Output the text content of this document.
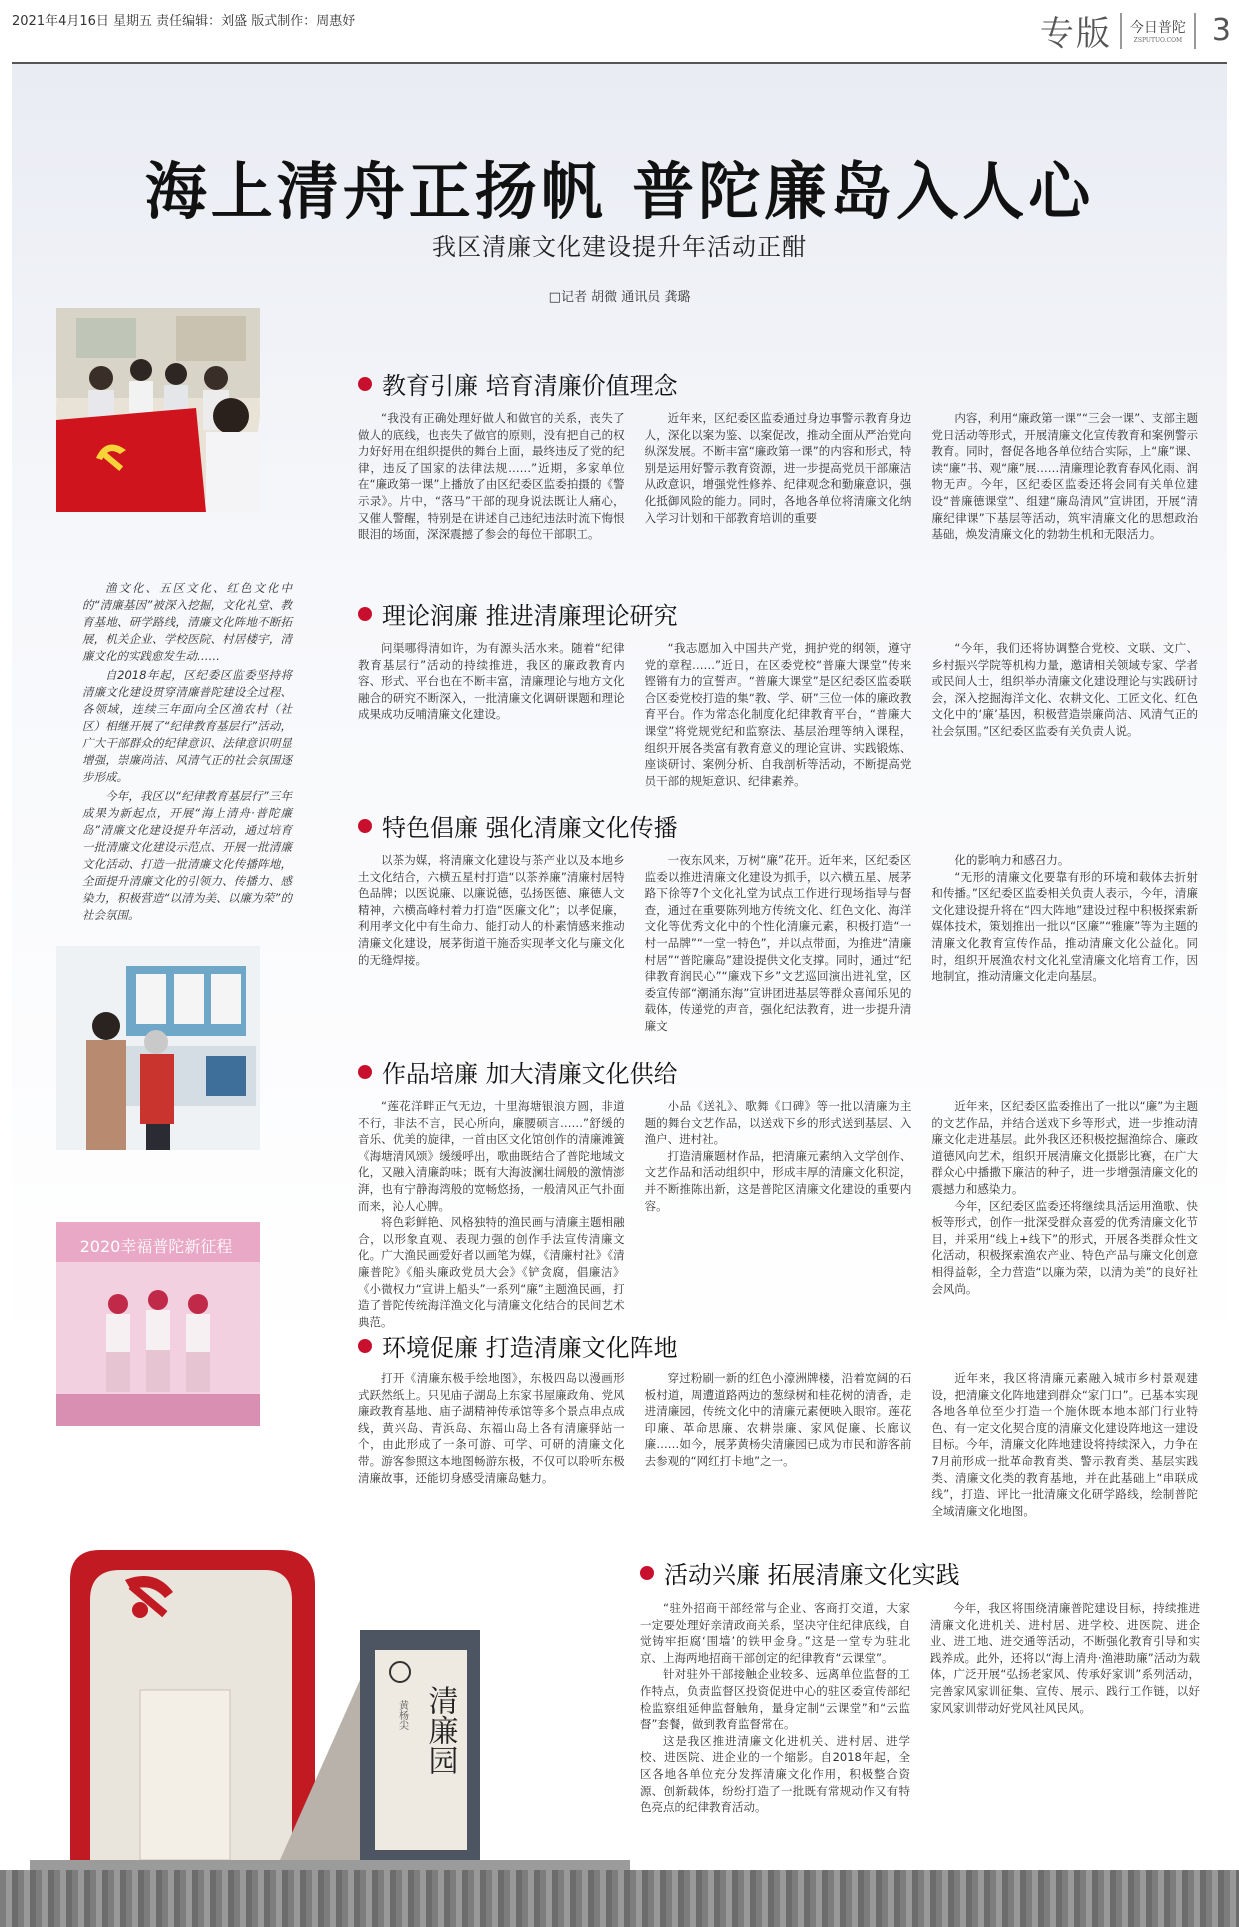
2021年4月16日 星期五 责任编辑：刘盛 版式制作：周惠妤	专版 今日普陀
ZSPUTUO.COM 3
海上清舟正扬帆 普陀廉岛入人心
我区清廉文化建设提升年活动正酣
□记者 胡微 通讯员 龚璐
2020幸福普陀新征程

渔文化、五区文化、红色文化中的“清廉基因”被深入挖掘，文化礼堂、教育基地、研学路线，清廉文化阵地不断拓展，机关企业、学校医院、村居楼宇，清廉文化的实践愈发生动……

自2018年起，区纪委区监委坚持将清廉文化建设贯穿清廉普陀建设全过程、各领域，连续三年面向全区渔农村（社区）相继开展了“纪律教育基层行”活动，广大干部群众的纪律意识、法律意识明显增强，崇廉尚洁、风清气正的社会氛围逐步形成。

今年，我区以“纪律教育基层行”三年成果为新起点，开展“海上清舟·普陀廉岛”清廉文化建设提升年活动，通过培育一批清廉文化建设示范点、开展一批清廉文化活动、打造一批清廉文化传播阵地，全面提升清廉文化的引领力、传播力、感染力，积极营造“以清为美、以廉为荣”的社会氛围。

教育引廉 培育清廉价值理念

“我没有正确处理好做人和做官的关系，丧失了做人的底线，也丧失了做官的原则，没有把自己的权力好好用在组织提供的舞台上面，最终违反了党的纪律，违反了国家的法律法规……”近期，多家单位在“廉政第一课”上播放了由区纪委区监委拍摄的《警示录》。片中，“落马”干部的现身说法既让人痛心，又催人警醒，特别是在讲述自己违纪违法时流下悔恨眼泪的场面，深深震撼了参会的每位干部职工。

近年来，区纪委区监委通过身边事警示教育身边人，深化以案为鉴、以案促改，推动全面从严治党向纵深发展。不断丰富“廉政第一课”的内容和形式，特别是运用好警示教育资源，进一步提高党员干部廉洁从政意识，增强党性修养、纪律观念和勤廉意识，强化抵御风险的能力。同时，各地各单位将清廉文化纳入学习计划和干部教育培训的重要

内容，利用“廉政第一课”“三会一课”、支部主题党日活动等形式，开展清廉文化宣传教育和案例警示教育。同时，督促各地各单位结合实际，上“廉”课、读“廉”书、观“廉”展……清廉理论教育春风化雨、润物无声。今年，区纪委区监委还将会同有关单位建设“普廉德课堂”、组建“廉岛清风”宣讲团，开展“清廉纪律课”下基层等活动，筑牢清廉文化的思想政治基础，焕发清廉文化的勃勃生机和无限活力。

理论润廉 推进清廉理论研究

问渠哪得清如许，为有源头活水来。随着“纪律教育基层行”活动的持续推进，我区的廉政教育内容、形式、平台也在不断丰富，清廉理论与地方文化融合的研究不断深入，一批清廉文化调研课题和理论成果成功反哺清廉文化建设。

“我志愿加入中国共产党，拥护党的纲领，遵守党的章程……”近日，在区委党校“普廉大课堂”传来铿锵有力的宣誓声。“普廉大课堂”是区纪委区监委联合区委党校打造的集“教、学、研”三位一体的廉政教育平台。作为常态化制度化纪律教育平台，“普廉大课堂”将党规党纪和监察法、基层治理等纳入课程，组织开展各类富有教育意义的理论宣讲、实践锻炼、座谈研讨、案例分析、自我剖析等活动，不断提高党员干部的规矩意识、纪律素养。

“今年，我们还将协调整合党校、文联、文广、乡村振兴学院等机构力量，邀请相关领域专家、学者或民间人士，组织举办清廉文化建设理论与实践研讨会，深入挖掘海洋文化、农耕文化、工匠文化、红色文化中的‘廉’基因，积极营造崇廉尚洁、风清气正的社会氛围。”区纪委区监委有关负责人说。

特色倡廉 强化清廉文化传播

以茶为媒，将清廉文化建设与茶产业以及本地乡土文化结合，六横五星村打造“以茶养廉”清廉村居特色品牌；以医说廉、以廉说德，弘扬医德、廉德人文精神，六横高峰村着力打造“医廉文化”；以孝促廉，利用孝文化中有生命力、能打动人的朴素情感来推动清廉文化建设，展茅街道干施岙实现孝文化与廉文化的无缝焊接。

一夜东风来，万树“廉”花开。近年来，区纪委区监委以推进清廉文化建设为抓手，以六横五星、展茅路下徐等7个文化礼堂为试点工作进行现场指导与督查，通过在重要陈列地方传统文化、红色文化、海洋文化等优秀文化中的个性化清廉元素，积极打造“一村一品牌”“一堂一特色”，并以点带面，为推进“清廉村居”“普陀廉岛”建设提供文化支撑。同时，通过“纪律教育润民心”“廉戏下乡”文艺巡回演出进礼堂，区委宣传部“潮涌东海”宣讲团进基层等群众喜闻乐见的载体，传递党的声音，强化纪法教育，进一步提升清廉文

化的影响力和感召力。

“无形的清廉文化要靠有形的环境和载体去折射和传播。”区纪委区监委相关负责人表示，今年，清廉文化建设提升将在“四大阵地”建设过程中积极探索新媒体技术，策划推出一批以“区廉”“雅廉”等为主题的清廉文化教育宣传作品，推动清廉文化公益化。同时，组织开展渔农村文化礼堂清廉文化培育工作，因地制宜，推动清廉文化走向基层。

作品培廉 加大清廉文化供给

“莲花洋畔正气无边，十里海塘银浪方圆，非道不行，非法不言，民心所向，廉腰硕言……”舒缓的音乐、优美的旋律，一首由区文化馆创作的清廉滩簧《海塘清风颂》缓缓呼出，歌曲既结合了普陀地域文化，又融入清廉韵味；既有大海波澜壮阔般的激情澎湃，也有宁静海湾般的宽畅悠扬，一般清风正气扑面而来，沁人心脾。

将色彩鲜艳、风格独特的渔民画与清廉主题相融合，以形象直观、表现力强的创作手法宣传清廉文化。广大渔民画爱好者以画笔为媒，《清廉村社》《清廉普陀》《船头廉政党员大会》《铲贪腐，倡廉洁》《小微权力“宣讲上船头”一系列“廉”主题渔民画，打造了普陀传统海洋渔文化与清廉文化结合的民间艺术典范。

小品《送礼》、歌舞《口碑》等一批以清廉为主题的舞台文艺作品，以送戏下乡的形式送到基层、入渔户、进村社。

打造清廉题材作品，把清廉元素纳入文学创作、文艺作品和活动组织中，形成丰厚的清廉文化积淀，并不断推陈出新，这是普陀区清廉文化建设的重要内容。

近年来，区纪委区监委推出了一批以“廉”为主题的文艺作品，并结合送戏下乡等形式，进一步推动清廉文化走进基层。此外我区还积极挖掘渔综合、廉政道德风向艺术，组织开展清廉文化摄影比赛，在广大群众心中播撒下廉洁的种子，进一步增强清廉文化的震撼力和感染力。

今年，区纪委区监委还将继续具活运用渔歌、快板等形式，创作一批深受群众喜爱的优秀清廉文化节目，并采用“线上+线下”的形式，开展各类群众性文化活动，积极探索渔农产业、特色产品与廉文化创意相得益彰，全力营造“以廉为荣，以清为美”的良好社会风尚。

环境促廉 打造清廉文化阵地

打开《清廉东极手绘地图》，东极四岛以漫画形式跃然纸上。只见庙子湖岛上东家书屋廉政角、党风廉政教育基地、庙子湖精神传承馆等多个景点串点成线，黄兴岛、青浜岛、东福山岛上各有清廉驿站一个，由此形成了一条可游、可学、可研的清廉文化带。游客参照这本地图畅游东极，不仅可以聆听东极清廉故事，还能切身感受清廉岛魅力。

穿过粉刷一新的红色小濠洲牌楼，沿着宽阔的石板村道，周遭道路两边的葱绿树和桂花树的清香，走进清廉园，传统文化中的清廉元素便映入眼帘。莲花印廉、革命思廉、农耕崇廉、家风促廉、长廊议廉……如今，展茅黄杨尖清廉园已成为市民和游客前去参观的“网红打卡地”之一。

近年来，我区将清廉元素融入城市乡村景观建设，把清廉文化阵地建到群众“家门口”。已基本实现各地各单位至少打造一个施休既本地本部门行业特色、有一定文化契合度的清廉文化建设阵地这一建设目标。今年，清廉文化阵地建设将持续深入，力争在7月前形成一批革命教育类、警示教育类、基层实践类、清廉文化类的教育基地，并在此基础上“串联成线”，打造、评比一批清廉文化研学路线，绘制普陀全域清廉文化地图。

清廉园
黄杨尖
活动兴廉 拓展清廉文化实践

“驻外招商干部经常与企业、客商打交道，大家一定要处理好亲清政商关系，坚决守住纪律底线，自觉铸牢拒腐‘围墙’的铁甲金身。”这是一堂专为驻北京、上海两地招商干部创定的纪律教育“云课堂”。

针对驻外干部接触企业较多、远离单位监督的工作特点，负责监督区投资促进中心的驻区委宣传部纪检监察组延伸监督触角，量身定制“云课堂”和“云监督”套餐，做到教育监督常在。

这是我区推进清廉文化进机关、进村居、进学校、进医院、进企业的一个缩影。自2018年起，全区各地各单位充分发挥清廉文化作用，积极整合资源、创新载体，纷纷打造了一批既有常规动作又有特色亮点的纪律教育活动。

今年，我区将围绕清廉普陀建设目标，持续推进清廉文化进机关、进村居、进学校、进医院、进企业、进工地、进交通等活动，不断强化教育引导和实践养成。此外，还将以“海上清舟·渔港助廉”活动为载体，广泛开展“弘扬老家风、传承好家训”系列活动，完善家风家训征集、宣传、展示、践行工作链，以好家风家训带动好党风社风民风。
